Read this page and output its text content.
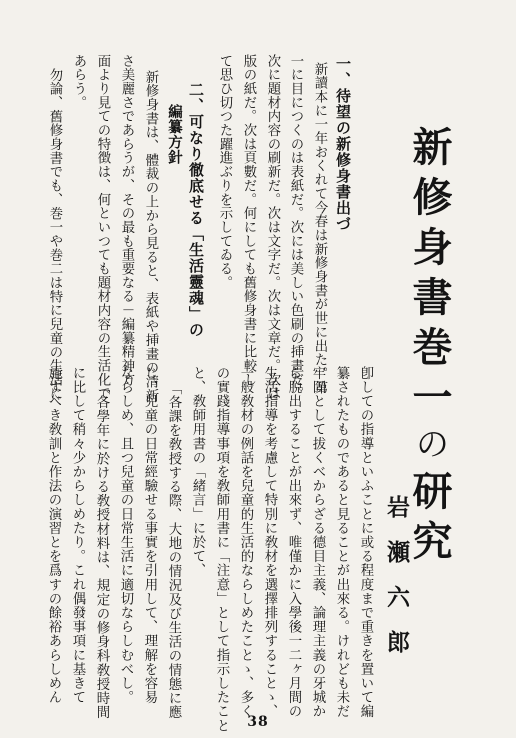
新修身書巻一の研究
岩瀬六郎
一、待望の新修身書出づ
新讀本に一年おくれて今春は新修身書が世に出た。第
一に目につくのは表紙だ。次には美しい色刷の挿畫だ。
次に題材内容の刷新だ。次は文字だ。次は文章だ。次は
版の紙だ。次は頁數だ。何にしても舊修身書に比較し
て思ひ切つた躍進ぶりを示してゐる。
二、可なり徹底せる「生活靈魂」の
編纂方針
新修身書は、體裁の上から見ると、表紙や挿畫の清新
さ美麗さであらうが、その最も重要なる－編纂精神方
面より見ての特徴は、何といつても題材内容の生活化で
あらう。
勿論、舊修身書でも、巻一や巻二は特に兒童の生活に
卽しての指導といふことに或る程度まで重きを置いて編
纂されたものであると見ることが出來る。けれども未だ
牢固として拔くべからざる德目主義、論理主義の牙城か
ら脱出することが出來ず、唯僅かに入學後一二ヶ月間の
生活指導を考慮して特別に敎材を選擇排列することゝ、
一般敎材の例話を兒童的生活的ならしめたことゝ、多く
の實踐指導事項を敎師用書に「注意」として指示したこと
と、敎師用書の「緒言」に於て、
「各課を敎授する際、大地の情況及び生活の情態に應
じ、兒童の日常經驗せる事實を引用して、理解を容易
ならしめ、且つ兒童の日常生活に適切ならしむべし。
「各學年に於ける敎授材料は、規定の修身科敎授時間
に比して稍々少からしめたり。これ偶發事項に基きて
施すべき敎訓と作法の演習とを爲すの餘裕あらしめん
38
